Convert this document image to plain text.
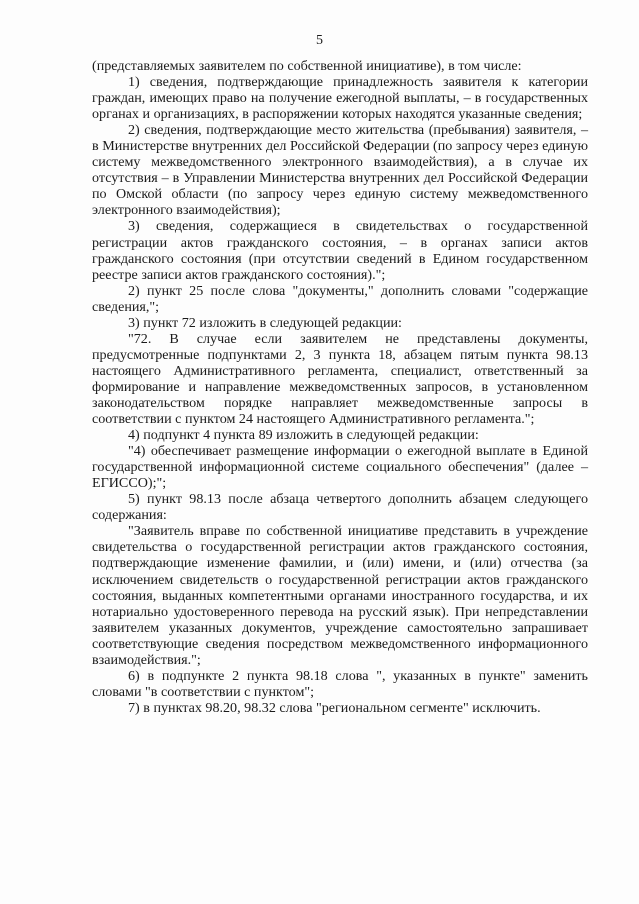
5

(представляемых заявителем по собственной инициативе), в том числе:

1) сведения, подтверждающие принадлежность заявителя к категории граждан, имеющих право на получение ежегодной выплаты, – в государственных органах и организациях, в распоряжении которых находятся указанные сведения;

2) сведения, подтверждающие место жительства (пребывания) заявителя, – в Министерстве внутренних дел Российской Федерации (по запросу через единую систему межведомственного электронного взаимодействия), а в случае их отсутствия – в Управлении Министерства внутренних дел Российской Федерации по Омской области (по запросу через единую систему межведомственного электронного взаимодействия);

3) сведения, содержащиеся в свидетельствах о государственной регистрации актов гражданского состояния, – в органах записи актов гражданского состояния (при отсутствии сведений в Едином государственном реестре записи актов гражданского состояния).";

2) пункт 25 после слова "документы," дополнить словами "содержащие сведения,";

3) пункт 72 изложить в следующей редакции:

"72. В случае если заявителем не представлены документы, предусмотренные подпунктами 2, 3 пункта 18, абзацем пятым пункта 98.13 настоящего Административного регламента, специалист, ответственный за формирование и направление межведомственных запросов, в установленном законодательством порядке направляет межведомственные запросы в соответствии с пунктом 24 настоящего Административного регламента.";

4) подпункт 4 пункта 89 изложить в следующей редакции:

"4) обеспечивает размещение информации о ежегодной выплате в Единой государственной информационной системе социального обеспечения" (далее – ЕГИССО);";

5) пункт 98.13 после абзаца четвертого дополнить абзацем следующего содержания:

"Заявитель вправе по собственной инициативе представить в учреждение свидетельства о государственной регистрации актов гражданского состояния, подтверждающие изменение фамилии, и (или) имени, и (или) отчества (за исключением свидетельств о государственной регистрации актов гражданского состояния, выданных компетентными органами иностранного государства, и их нотариально удостоверенного перевода на русский язык). При непредставлении заявителем указанных документов, учреждение самостоятельно запрашивает соответствующие сведения посредством межведомственного информационного взаимодействия.";

6) в подпункте 2 пункта 98.18 слова ", указанных в пункте" заменить словами "в соответствии с пунктом";

7) в пунктах 98.20, 98.32 слова "региональном сегменте" исключить.
